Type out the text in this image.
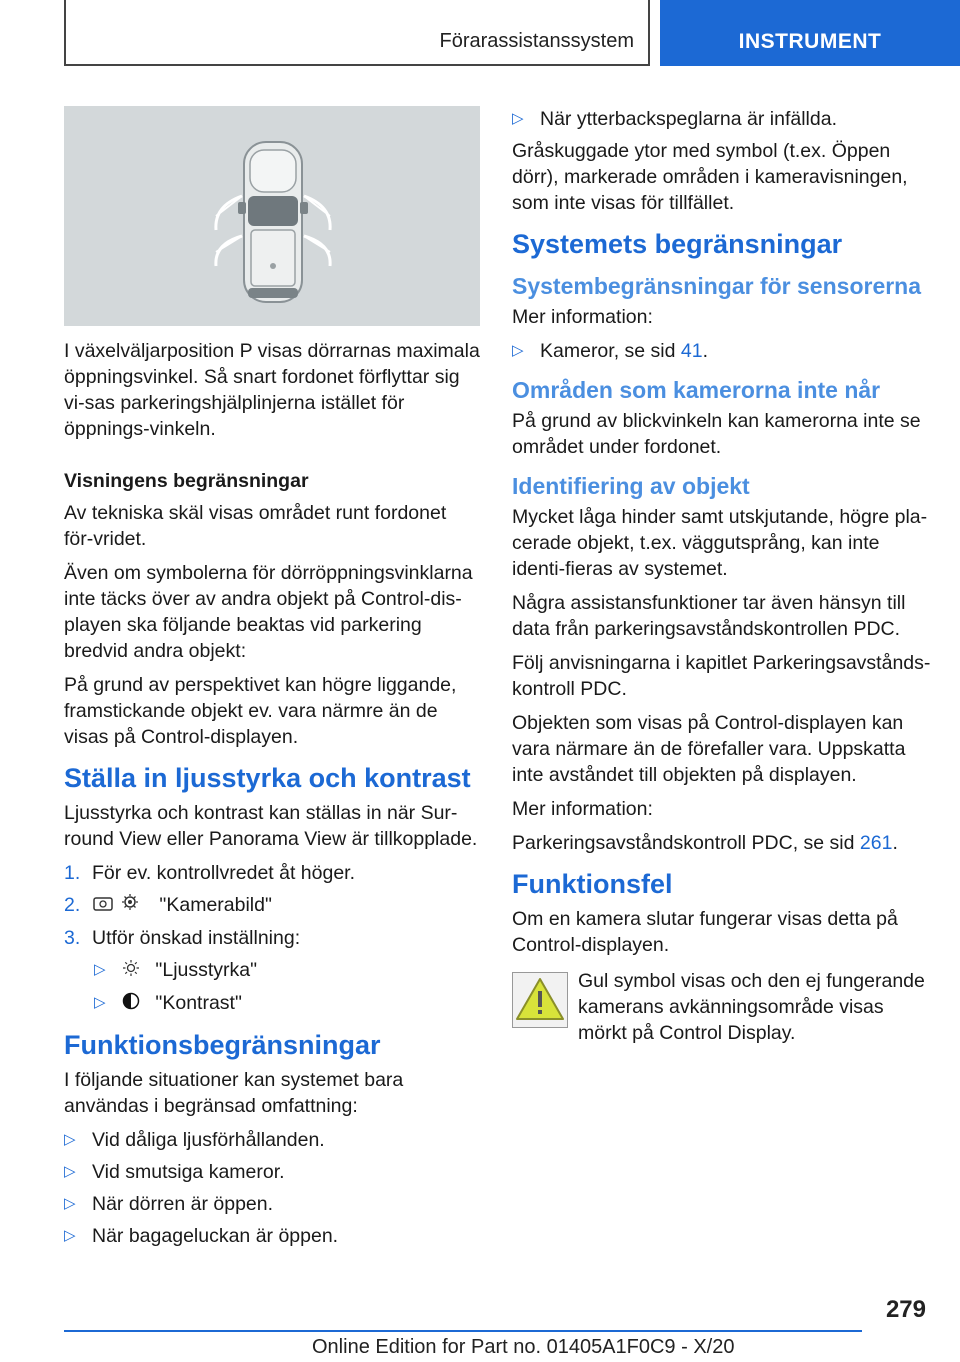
Förarassistanssystem	INSTRUMENT

I växelväljarposition P visas dörrarnas maximala öppningsvinkel. Så snart fordonet förflyttar sig vi-sas parkeringshjälplinjerna istället för öppnings-vinkeln.

Visningens begränsningar

Av tekniska skäl visas området runt fordonet för-vridet.

Även om symbolerna för dörröppningsvinklarna inte täcks över av andra objekt på Control-dis-playen ska följande beaktas vid parkering bredvid andra objekt:

På grund av perspektivet kan högre liggande, framstickande objekt ev. vara närmre än de visas på Control-displayen.

Ställa in ljusstyrka och kontrast

Ljusstyrka och kontrast kan ställas in när Sur-round View eller Panorama View är tillkopplade.

1. För ev. kontrollvredet åt höger.
2.	"Kamerabild"
3. Utför önskad inställning:
▷	"Ljusstyrka"
▷	"Kontrast"
Funktionsbegränsningar

I följande situationer kan systemet bara användas i begränsad omfattning:

▷ Vid dåliga ljusförhållanden.
▷ Vid smutsiga kameror.
▷ När dörren är öppen.
▷ När bagageluckan är öppen.
▷ När ytterbackspeglarna är infällda.

Gråskuggade ytor med symbol (t.ex. Öppen dörr), markerade områden i kameravisningen, som inte visas för tillfället.

Systemets begränsningar
Systembegränsningar för sensorerna

Mer information:

▷ Kameror, se sid 41.
Områden som kamerorna inte når

På grund av blickvinkeln kan kamerorna inte se området under fordonet.

Identifiering av objekt

Mycket låga hinder samt utskjutande, högre pla-cerade objekt, t.ex. väggutsprång, kan inte identi-fieras av systemet.

Några assistansfunktioner tar även hänsyn till data från parkeringsavståndskontrollen PDC.

Följ anvisningarna i kapitlet Parkeringsavstånds-kontroll PDC.

Objekten som visas på Control-displayen kan vara närmare än de förefaller vara. Uppskatta inte avståndet till objekten på displayen.

Mer information:

Parkeringsavståndskontroll PDC, se sid 261.

Funktionsfel

Om en kamera slutar fungerar visas detta på Control-displayen.

Gul symbol visas och den ej fungerande kamerans avkänningsområde visas mörkt på Control Display.

279
Online Edition for Part no. 01405A1F0C9 - X/20
